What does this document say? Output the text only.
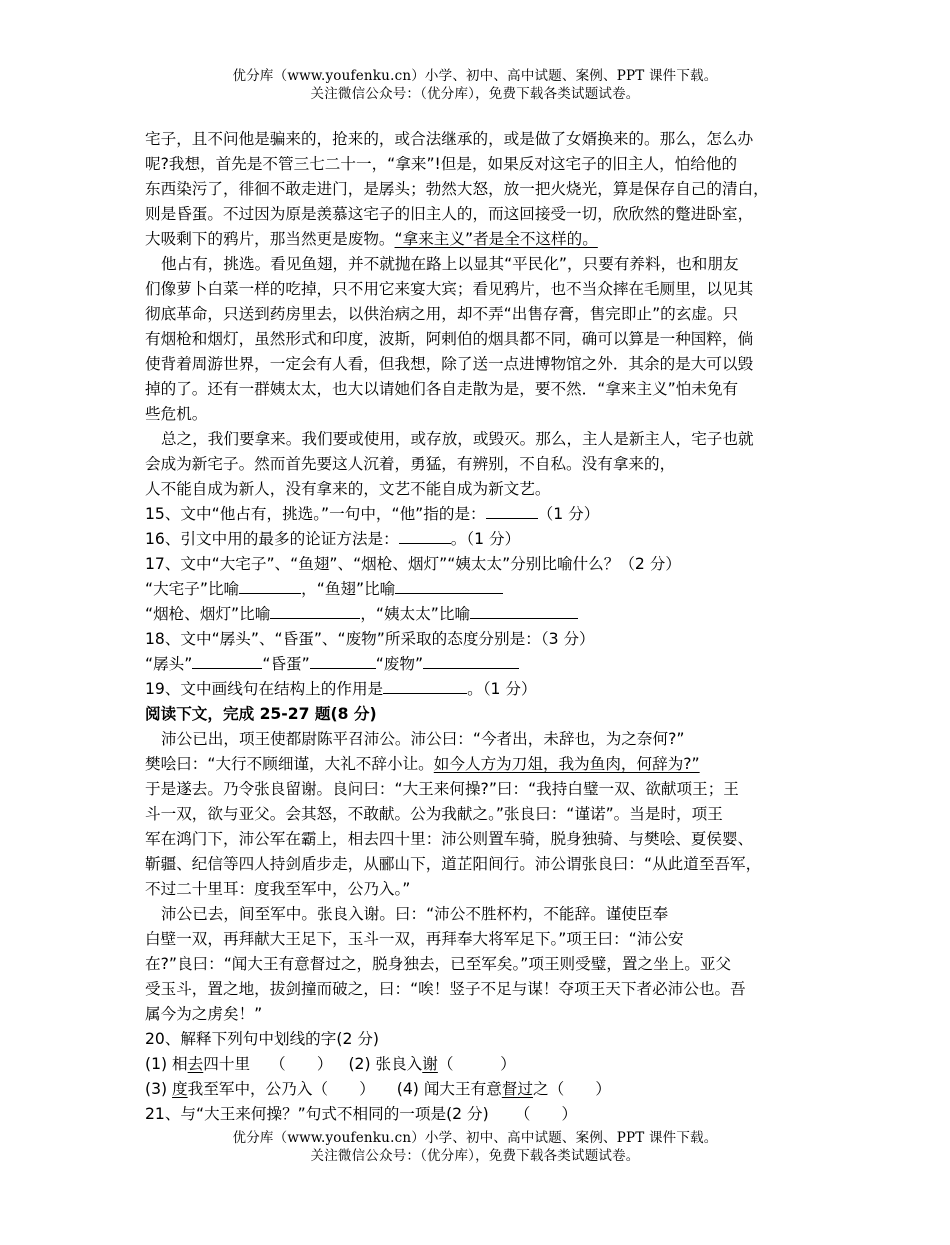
优分库（www.youfenku.cn）小学、初中、高中试题、案例、PPT 课件下载。
关注微信公众号：（优分库），免费下载各类试题试卷。
宅子，且不问他是骗来的，抢来的，或合法继承的，或是做了女婿换来的。那么，怎么办
呢?我想，首先是不管三七二十一，“拿来”!但是，如果反对这宅子的旧主人，怕给他的
东西染污了，徘徊不敢走进门，是孱头；勃然大怒，放一把火烧光，算是保存自己的清白，
则是昏蛋。不过因为原是羡慕这宅子的旧主人的，而这回接受一切，欣欣然的蹩进卧室，
大吸剩下的鸦片，那当然更是废物。“拿来主义”者是全不这样的。
他占有，挑选。看见鱼翅，并不就抛在路上以显其“平民化”，只要有养料，也和朋友
们像萝卜白菜一样的吃掉，只不用它来宴大宾；看见鸦片，也不当众摔在毛厕里，以见其
彻底革命，只送到药房里去，以供治病之用，却不弄“出售存膏，售完即止”的玄虚。只
有烟枪和烟灯，虽然形式和印度，波斯，阿剌伯的烟具都不同，确可以算是一种国粹，倘
使背着周游世界，一定会有人看，但我想，除了送一点进博物馆之外．其余的是大可以毁
掉的了。还有一群姨太太，也大以请她们各自走散为是，要不然．“拿来主义”怕未免有
些危机。
总之，我们要拿来。我们要或使用，或存放，或毁灭。那么，主人是新主人，宅子也就
会成为新宅子。然而首先要这人沉着，勇猛，有辨别，不自私。没有拿来的，
人不能自成为新人，没有拿来的，文艺不能自成为新文艺。
15、文中“他占有，挑选。”一句中，“他”指的是：	（1 分）
16、引文中用的最多的论证方法是：	。（1 分）
17、文中“大宅子”、“鱼翅”、“烟枪、烟灯”“姨太太”分别比喻什么？（2 分）
“大宅子”比喻	，“鱼翅”比喻
“烟枪、烟灯”比喻	，“姨太太”比喻
18、文中“孱头”、“昏蛋”、“废物”所采取的态度分别是：（3 分）
“孱头”	“昏蛋”	“废物”
19、文中画线句在结构上的作用是	。（1 分）
阅读下文，完成 25-27 题(8 分)
沛公已出，项王使都尉陈平召沛公。沛公曰：“今者出，未辞也，为之奈何?”
樊哙曰：“大行不顾细谨，大礼不辞小让。如今人方为刀俎，我为鱼肉，何辞为?”
于是遂去。乃令张良留谢。良问曰：“大王来何操?”曰：“我持白璧一双、欲献项王；王
斗一双，欲与亚父。会其怒，不敢献。公为我献之。”张良曰：“谨诺”。当是时，项王
军在鸿门下，沛公军在霸上，相去四十里：沛公则置车骑，脱身独骑、与樊哙、夏侯婴、
靳疆、纪信等四人持剑盾步走，从郦山下，道芷阳间行。沛公谓张良曰：“从此道至吾军，
不过二十里耳：度我至军中，公乃入。”
沛公已去，间至军中。张良入谢。曰：“沛公不胜杯杓，不能辞。谨使臣奉
白壁一双，再拜献大王足下，玉斗一双，再拜奉大将军足下。”项王曰：“沛公安
在?”良曰：“闻大王有意督过之，脱身独去，已至军矣。”项王则受璧，置之坐上。亚父
受玉斗，置之地，拔剑撞而破之，曰：“唉！竖子不足与谋！夺项王天下者必沛公也。吾
属今为之虏矣！”
20、解释下列句中划线的字(2 分)
(1) 相去四十里 （　　） (2) 张良入谢（　　　）
(3) 度我至军中，公乃入（　　） (4) 闻大王有意督过之（　　）
21、与“大王来何操？”句式不相同的一项是(2 分) （　　）
优分库（www.youfenku.cn）小学、初中、高中试题、案例、PPT 课件下载。
关注微信公众号：（优分库），免费下载各类试题试卷。
